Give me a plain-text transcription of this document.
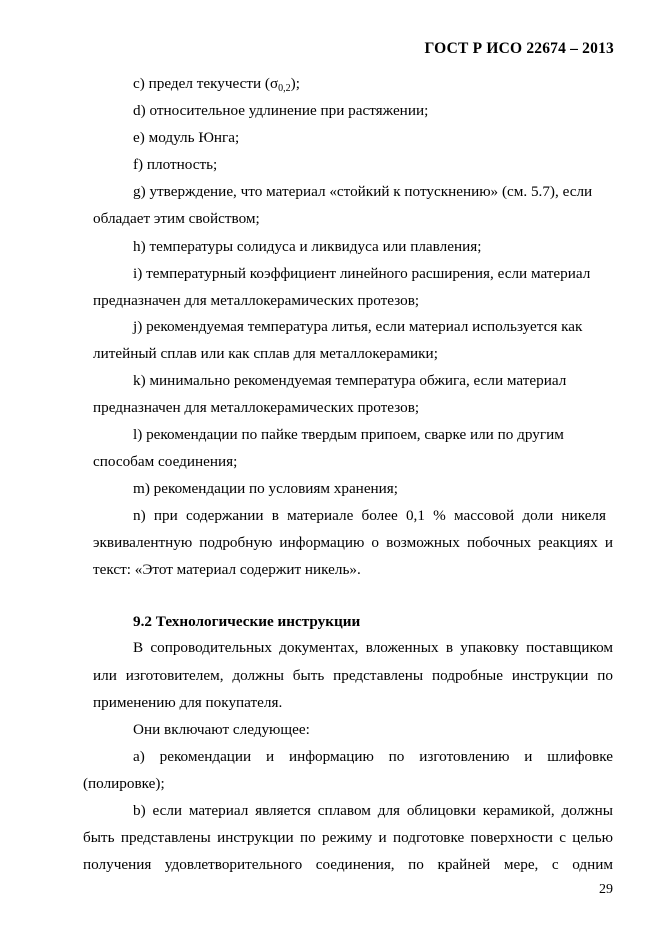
ГОСТ Р ИСО 22674 – 2013
c) предел текучести $(\sigma_{0,2})$;
d) относительное удлинение при растяжении;
e) модуль Юнга;
f) плотность;
g) утверждение, что материал «стойкий к потускнению» (см. 5.7), если
обладает этим свойством;
h) температуры солидуса и ликвидуса или плавления;
i) температурный коэффициент линейного расширения, если материал
предназначен для металлокерамических протезов;
j) рекомендуемая температура литья, если материал используется как
литейный сплав или как сплав для металлокерамики;
k) минимально рекомендуемая температура обжига, если материал
предназначен для металлокерамических протезов;
l) рекомендации по пайке твердым припоем, сварке или по другим
способам соединения;
m) рекомендации по условиям хранения;
n) при содержании в материале более 0,1 % массовой доли никеля
эквивалентную подробную информацию о возможных побочных реакциях и
текст: «Этот материал содержит никель».
9.2 Технологические инструкции
В сопроводительных документах, вложенных в упаковку поставщиком
или изготовителем, должны быть представлены подробные инструкции по
применению для покупателя.
Они включают следующее:
а) рекомендации и информацию по изготовлению и шлифовке
(полировке);
b) если материал является сплавом для облицовки керамикой, должны
быть представлены инструкции по режиму и подготовке поверхности с целью
получения удовлетворительного соединения, по крайней мере, с одним
29
